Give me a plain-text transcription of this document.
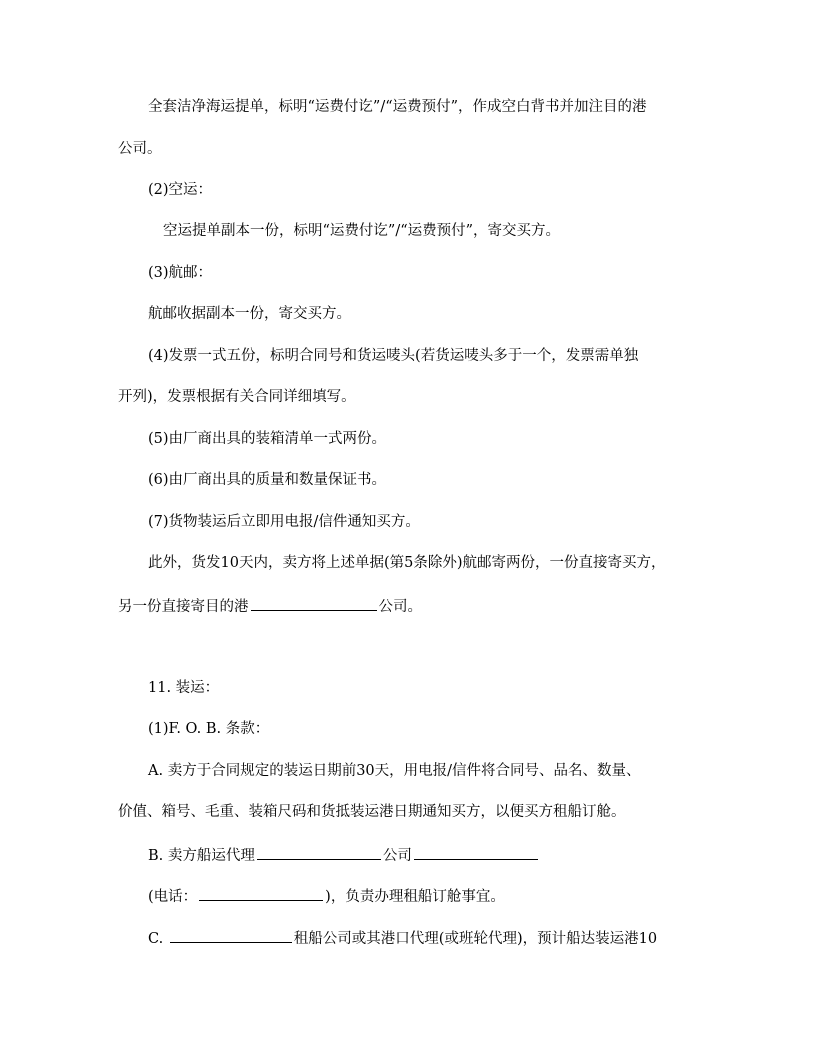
全套洁净海运提单，标明“运费付讫”/“运费预付”，作成空白背书并加注目的港
公司。
(2)空运：
空运提单副本一份，标明“运费付讫”/“运费预付”，寄交买方。
(3)航邮：
航邮收据副本一份，寄交买方。
(4)发票一式五份，标明合同号和货运唛头(若货运唛头多于一个，发票需单独
开列)，发票根据有关合同详细填写。
(5)由厂商出具的装箱清单一式两份。
(6)由厂商出具的质量和数量保证书。
(7)货物装运后立即用电报/信件通知买方。
此外，货发10天内，卖方将上述单据(第5条除外)航邮寄两份，一份直接寄买方，
另一份直接寄目的港	公司。
11. 装运：
(1)F. O. B. 条款：
A. 卖方于合同规定的装运日期前30天，用电报/信件将合同号、品名、数量、
价值、箱号、毛重、装箱尺码和货抵装运港日期通知买方，以便买方租船订舱。
B. 卖方船运代理	公司
(电话：	)，负责办理租船订舱事宜。
C.	租船公司或其港口代理(或班轮代理)，预计船达装运港10
